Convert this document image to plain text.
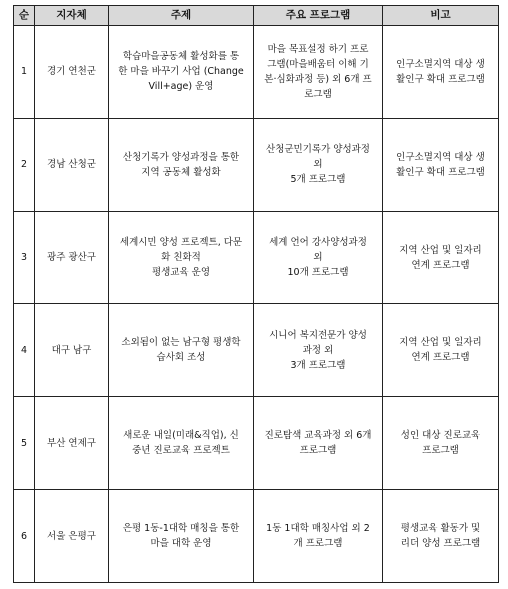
순	지자체	주제	주요 프로그램	비고

1	경기 연천군	학습마을공동체 활성화를 통
한 마을 바꾸기 사업 (Change
Vill+age) 운영	마을 목표설정 하기 프로
그램(마을배움터 이해 기
본·심화과정 등) 외 6개 프
로그램	인구소멸지역 대상 생
활인구 확대 프로그램

2	경남 산청군	산청기록가 양성과정을 통한
지역 공동체 활성화	산청군민기록가 양성과정
외
5개 프로그램	인구소멸지역 대상 생
활인구 확대 프로그램

3	광주 광산구	세계시민 양성 프로젝트, 다문
화 친화적
평생교육 운영	세계 언어 강사양성과정
외
10개 프로그램	지역 산업 및 일자리
연계 프로그램

4	대구 남구	소외됨이 없는 남구형 평생학
습사회 조성	시니어 복지전문가 양성
과정 외
3개 프로그램	지역 산업 및 일자리
연계 프로그램

5	부산 연제구	새로운 내일(미래&직업), 신
중년 진로교육 프로젝트	진로탐색 교육과정 외 6개
프로그램	성인 대상 진로교육
프로그램

6	서울 은평구	은평 1동-1대학 매칭을 통한
마을 대학 운영	1동 1대학 매칭사업 외 2
개 프로그램	평생교육 활동가 및
리더 양성 프로그램
